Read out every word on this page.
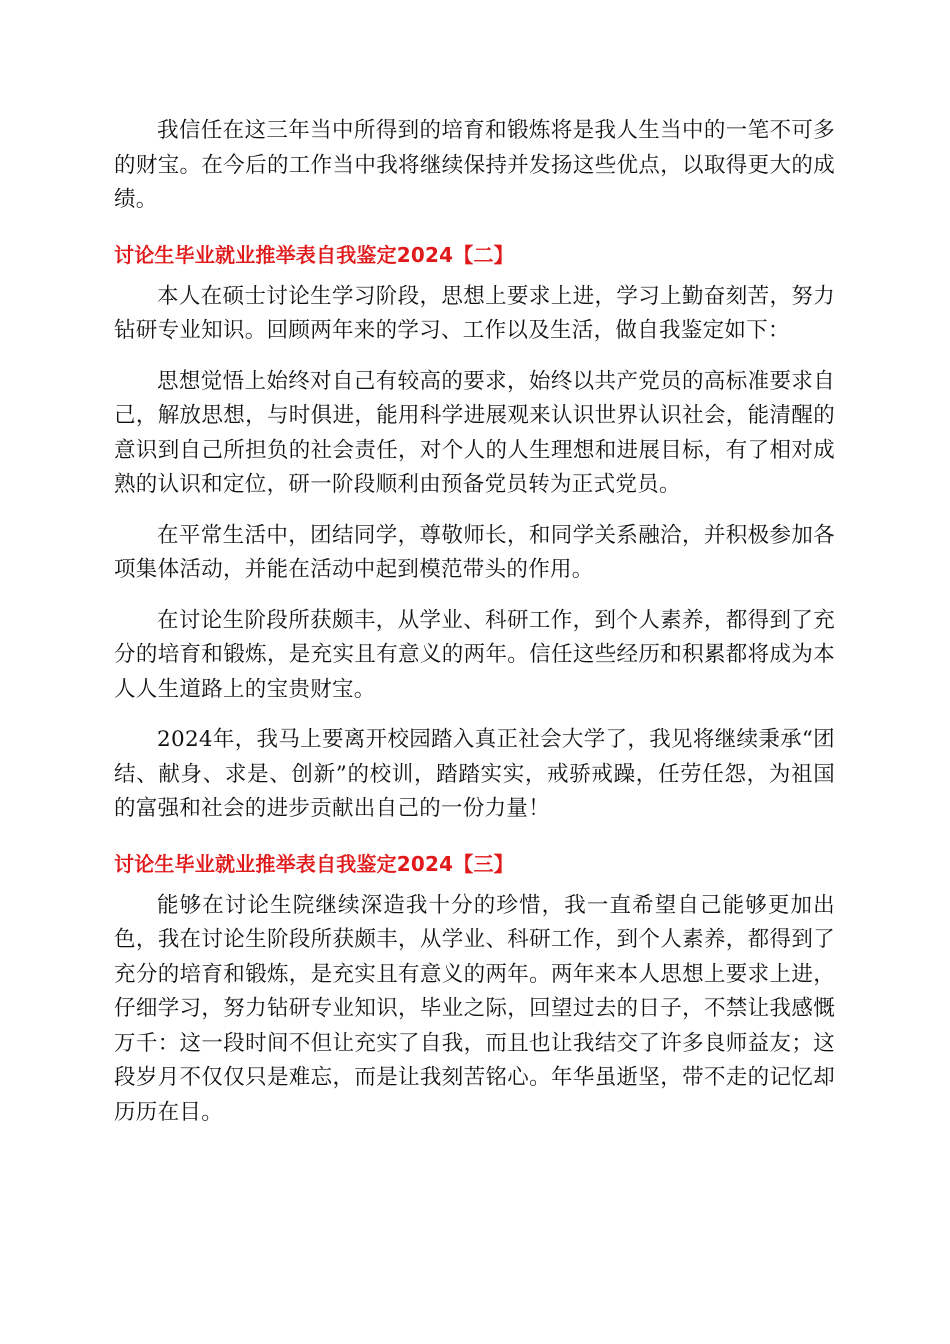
我信任在这三年当中所得到的培育和锻炼将是我人生当中的一笔不可多的财宝。在今后的工作当中我将继续保持并发扬这些优点，以取得更大的成绩。

讨论生毕业就业推举表自我鉴定2024【二】

本人在硕士讨论生学习阶段，思想上要求上进，学习上勤奋刻苦，努力钻研专业知识。回顾两年来的学习、工作以及生活，做自我鉴定如下：

思想觉悟上始终对自己有较高的要求，始终以共产党员的高标准要求自己，解放思想，与时俱进，能用科学进展观来认识世界认识社会，能清醒的意识到自己所担负的社会责任，对个人的人生理想和进展目标，有了相对成熟的认识和定位，研一阶段顺利由预备党员转为正式党员。

在平常生活中，团结同学，尊敬师长，和同学关系融洽，并积极参加各项集体活动，并能在活动中起到模范带头的作用。

在讨论生阶段所获颇丰，从学业、科研工作，到个人素养，都得到了充分的培育和锻炼，是充实且有意义的两年。信任这些经历和积累都将成为本人人生道路上的宝贵财宝。

2024年，我马上要离开校园踏入真正社会大学了，我见将继续秉承“团结、献身、求是、创新”的校训，踏踏实实，戒骄戒躁，任劳任怨，为祖国的富强和社会的进步贡献出自己的一份力量！

讨论生毕业就业推举表自我鉴定2024【三】

能够在讨论生院继续深造我十分的珍惜，我一直希望自己能够更加出色，我在讨论生阶段所获颇丰，从学业、科研工作，到个人素养，都得到了充分的培育和锻炼，是充实且有意义的两年。两年来本人思想上要求上进，仔细学习，努力钻研专业知识，毕业之际，回望过去的日子，不禁让我感慨万千：这一段时间不但让充实了自我，而且也让我结交了许多良师益友；这段岁月不仅仅只是难忘，而是让我刻苦铭心。年华虽逝坚，带不走的记忆却历历在目。
